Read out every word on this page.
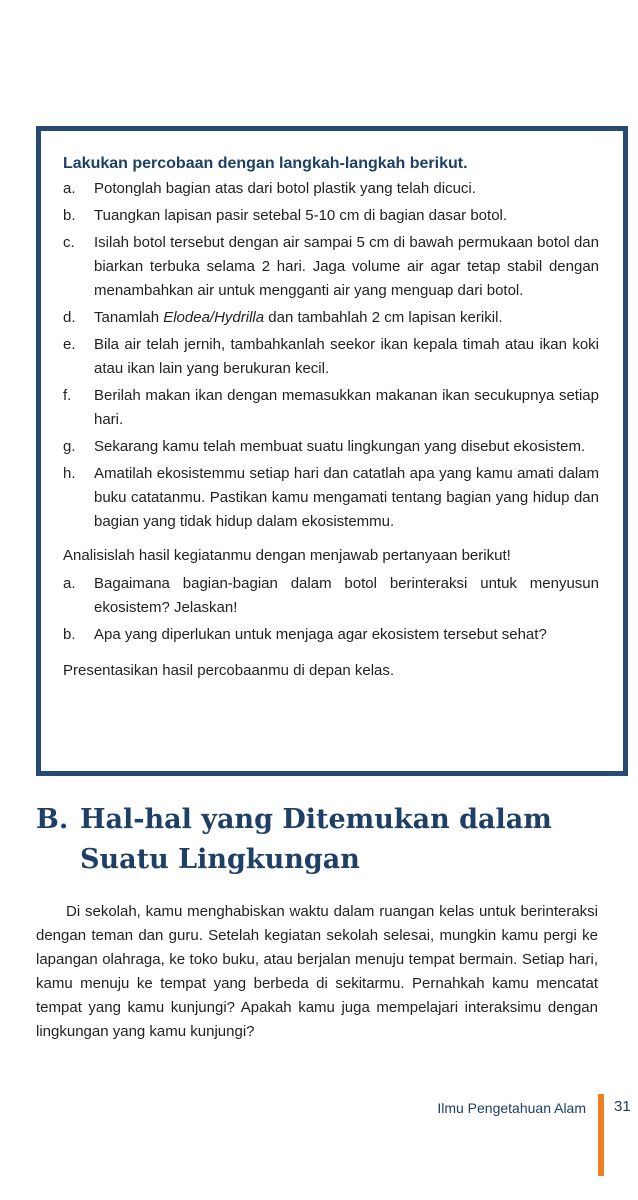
Lakukan percobaan dengan langkah-langkah berikut.

a.	Potonglah bagian atas dari botol plastik yang telah dicuci.
b.	Tuangkan lapisan pasir setebal 5-10 cm di bagian dasar botol.
c.	Isilah botol tersebut dengan air sampai 5 cm di bawah permukaan botol dan biarkan terbuka selama 2 hari. Jaga volume air agar tetap stabil dengan menambahkan air untuk mengganti air yang menguap dari botol.
d.	Tanamlah Elodea/Hydrilla dan tambahlah 2 cm lapisan kerikil.
e.	Bila air telah jernih, tambahkanlah seekor ikan kepala timah atau ikan koki atau ikan lain yang berukuran kecil.
f.	Berilah makan ikan dengan memasukkan makanan ikan secukupnya setiap hari.
g.	Sekarang kamu telah membuat suatu lingkungan yang disebut ekosistem.
h.	Amatilah ekosistemmu setiap hari dan catatlah apa yang kamu amati dalam buku catatanmu. Pastikan kamu mengamati tentang bagian yang hidup dan bagian yang tidak hidup dalam ekosistemmu.

Analisislah hasil kegiatanmu dengan menjawab pertanyaan berikut!

a.	Bagaimana bagian-bagian dalam botol berinteraksi untuk menyusun ekosistem? Jelaskan!
b.	Apa yang diperlukan untuk menjaga agar ekosistem tersebut sehat?

Presentasikan hasil percobaanmu di depan kelas.

B. Hal-hal yang Ditemukan dalam Suatu Lingkungan

Di sekolah, kamu menghabiskan waktu dalam ruangan kelas untuk berinteraksi dengan teman dan guru. Setelah kegiatan sekolah selesai, mungkin kamu pergi ke lapangan olahraga, ke toko buku, atau berjalan menuju tempat bermain. Setiap hari, kamu menuju ke tempat yang berbeda di sekitarmu. Pernahkah kamu mencatat tempat yang kamu kunjungi? Apakah kamu juga mempelajari interaksimu dengan lingkungan yang kamu kunjungi?

Ilmu Pengetahuan Alam 31
